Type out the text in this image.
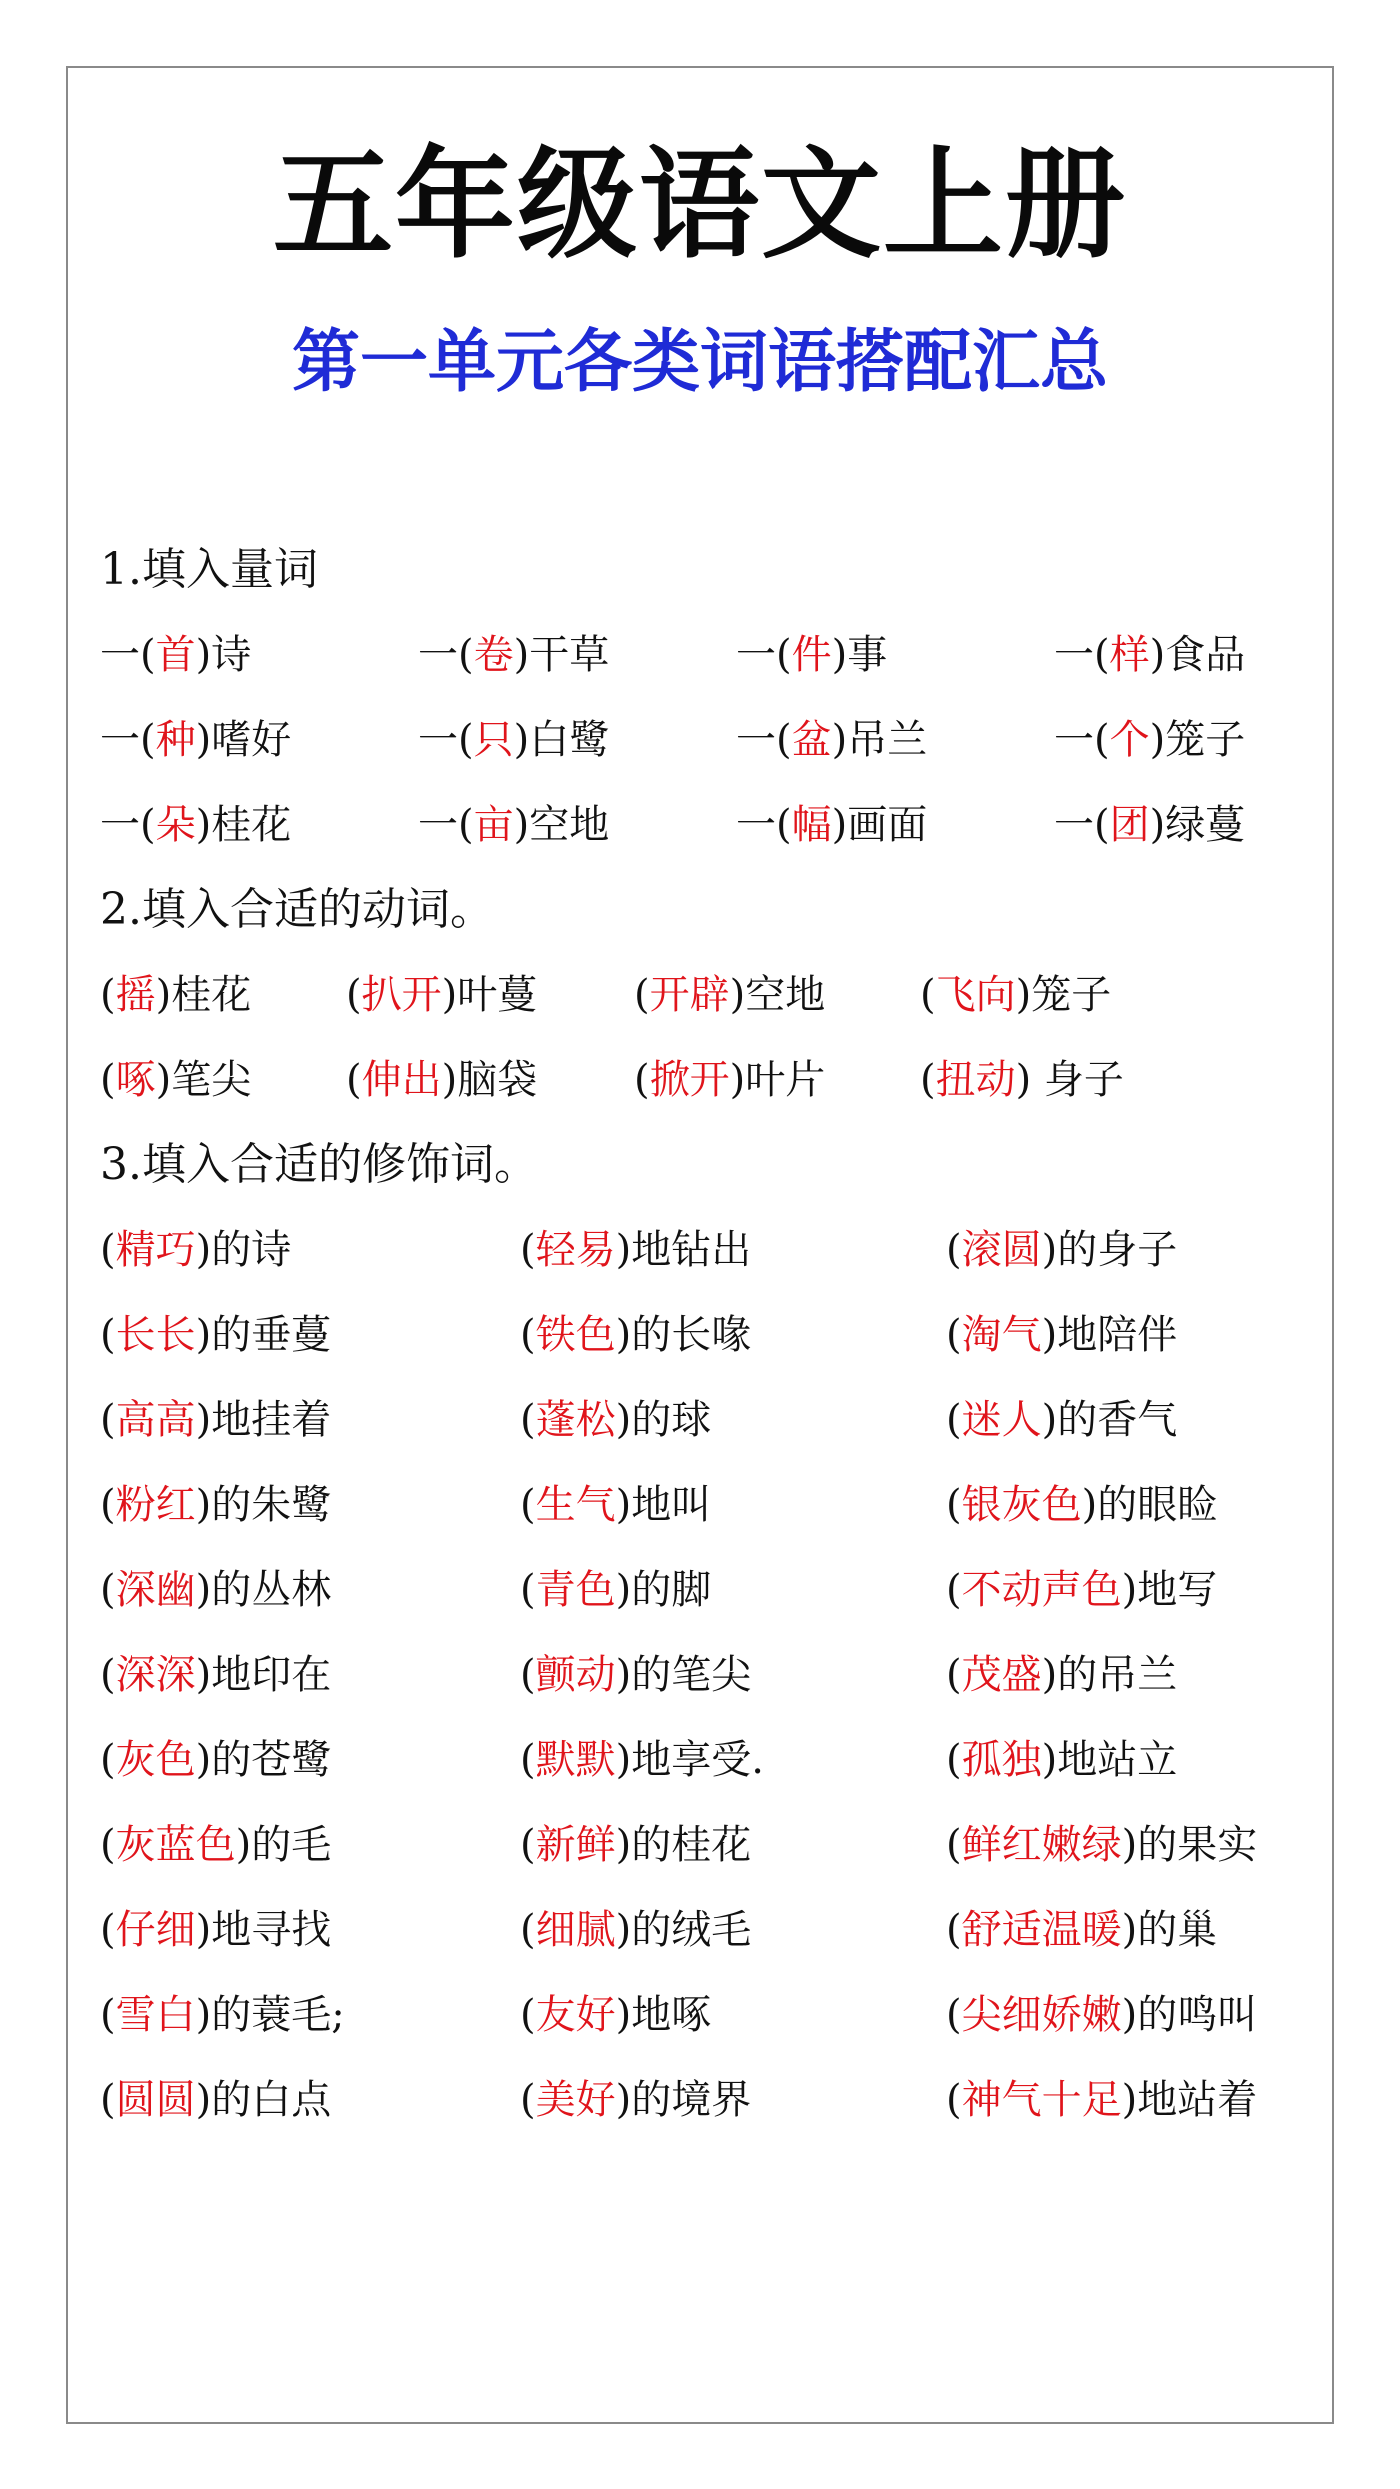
五年级语文上册
第一单元各类词语搭配汇总
1.填入量词
一(首)诗	一(卷)干草	一(件)事	一(样)食品
一(种)嗜好	一(只)白鹭	一(盆)吊兰	一(个)笼子
一(朵)桂花	一(亩)空地	一(幅)画面	一(团)绿蔓
2.填入合适的动词。
(摇)桂花 (扒开)叶蔓 (开辟)空地 (飞向)笼子
(啄)笔尖 (伸出)脑袋 (掀开)叶片 (扭动) 身子
3.填入合适的修饰词。
(精巧)的诗	(轻易)地钻出	(滚圆)的身子
(长长)的垂蔓	(铁色)的长喙	(淘气)地陪伴
(高高)地挂着	(蓬松)的球	(迷人)的香气
(粉红)的朱鹭	(生气)地叫	(银灰色)的眼睑
(深幽)的丛林	(青色)的脚	(不动声色)地写
(深深)地印在	(颤动)的笔尖	(茂盛)的吊兰
(灰色)的苍鹭	(默默)地享受.	(孤独)地站立
(灰蓝色)的毛	(新鲜)的桂花	(鲜红嫩绿)的果实
(仔细)地寻找	(细腻)的绒毛	(舒适温暖)的巢
(雪白)的蓑毛;	(友好)地啄	(尖细娇嫩)的鸣叫
(圆圆)的白点	(美好)的境界	(神气十足)地站着
